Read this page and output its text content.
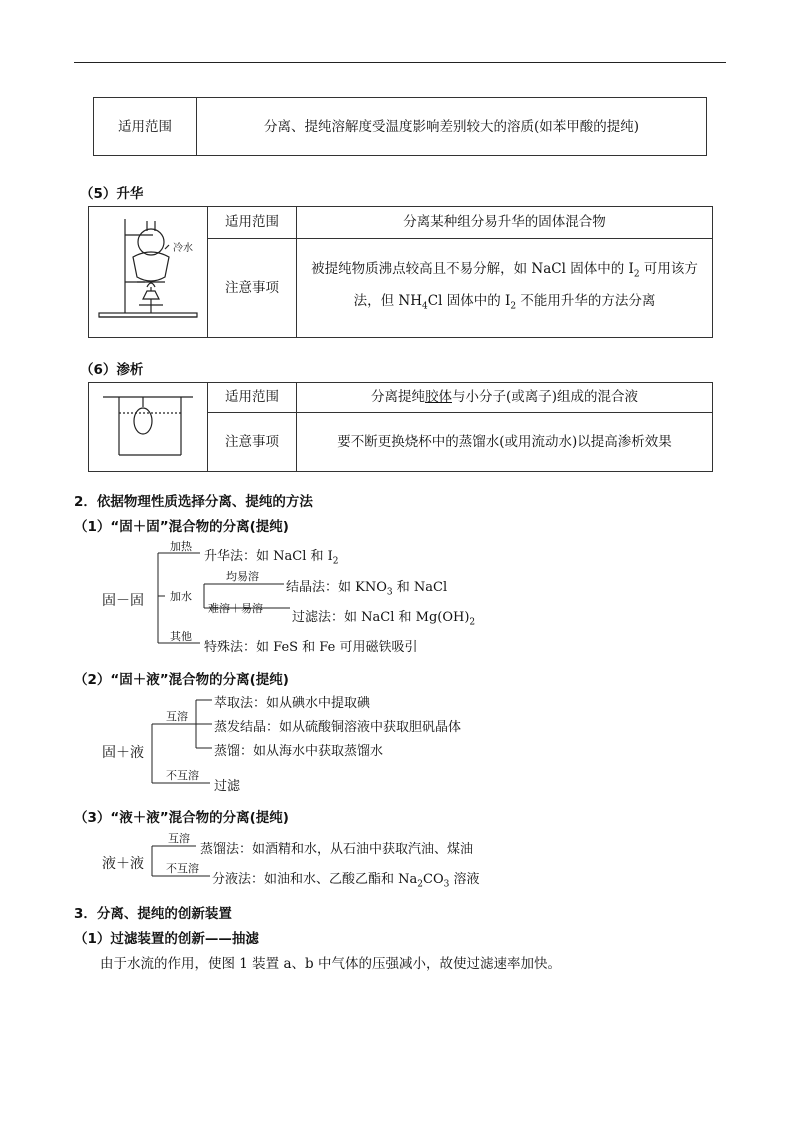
适用范围	分离、提纯溶解度受温度影响差别较大的溶质(如苯甲酸的提纯)
（5）升华
冷水	适用范围	分离某种组分易升华的固体混合物
	注意事项	被提纯物质沸点较高且不易分解，如 NaCl 固体中的 $I_2$ 可用该方
法，但 $NH_4Cl$ 固体中的 $I_2$ 不能用升华的方法分离
（6）渗析
	适用范围	分离提纯胶体与小分子(或离子)组成的混合液
	注意事项	要不断更换烧杯中的蒸馏水(或用流动水)以提高渗析效果
2．依据物理性质选择分离、提纯的方法
（1）“固＋固”混合物的分离(提纯)
固－固
加热
升华法：如 NaCl 和 $I_2$
加水
均易溶
结晶法：如 $KNO_3$ 和 NaCl
难溶＋易溶
过滤法：如 NaCl 和 $Mg(OH)_2$
其他
特殊法：如 FeS 和 Fe 可用磁铁吸引
（2）“固＋液”混合物的分离(提纯)
固＋液
互溶
萃取法：如从碘水中提取碘
蒸发结晶：如从硫酸铜溶液中获取胆矾晶体
蒸馏：如从海水中获取蒸馏水
不互溶
过滤
（3）“液＋液”混合物的分离(提纯)
液＋液
互溶
蒸馏法：如酒精和水，从石油中获取汽油、煤油
不互溶
分液法：如油和水、乙酸乙酯和 $Na_2CO_3$ 溶液
3．分离、提纯的创新装置
（1）过滤装置的创新——抽滤
由于水流的作用，使图 1 装置 a、b 中气体的压强减小，故使过滤速率加快。
